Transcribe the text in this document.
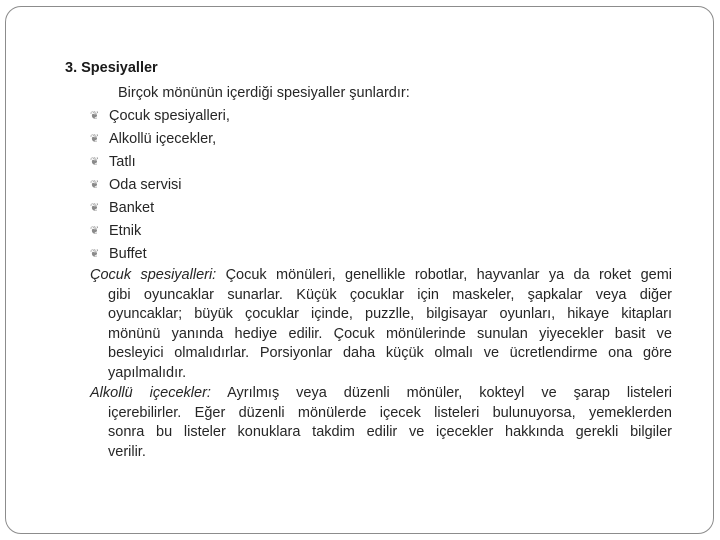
3. Spesiyaller
Birçok mönünün içerdiği spesiyaller şunlardır:
❦ Çocuk spesiyalleri,
❦ Alkollü içecekler,
❦ Tatlı
❦ Oda servisi
❦ Banket
❦ Etnik
❦ Buffet
Çocuk spesiyalleri: Çocuk mönüleri, genellikle robotlar, hayvanlar ya da roket gemi
gibi oyuncaklar sunarlar. Küçük çocuklar için maskeler, şapkalar veya diğer
oyuncaklar; büyük çocuklar içinde, puzzlle, bilgisayar oyunları, hikaye kitapları
mönünü yanında hediye edilir. Çocuk mönülerinde sunulan yiyecekler basit ve
besleyici olmalıdırlar. Porsiyonlar daha küçük olmalı ve ücretlendirme ona göre
yapılmalıdır.
Alkollü içecekler: Ayrılmış veya düzenli mönüler, kokteyl ve şarap listeleri
içerebilirler. Eğer düzenli mönülerde içecek listeleri bulunuyorsa, yemeklerden
sonra bu listeler konuklara takdim edilir ve içecekler hakkında gerekli bilgiler
verilir.
